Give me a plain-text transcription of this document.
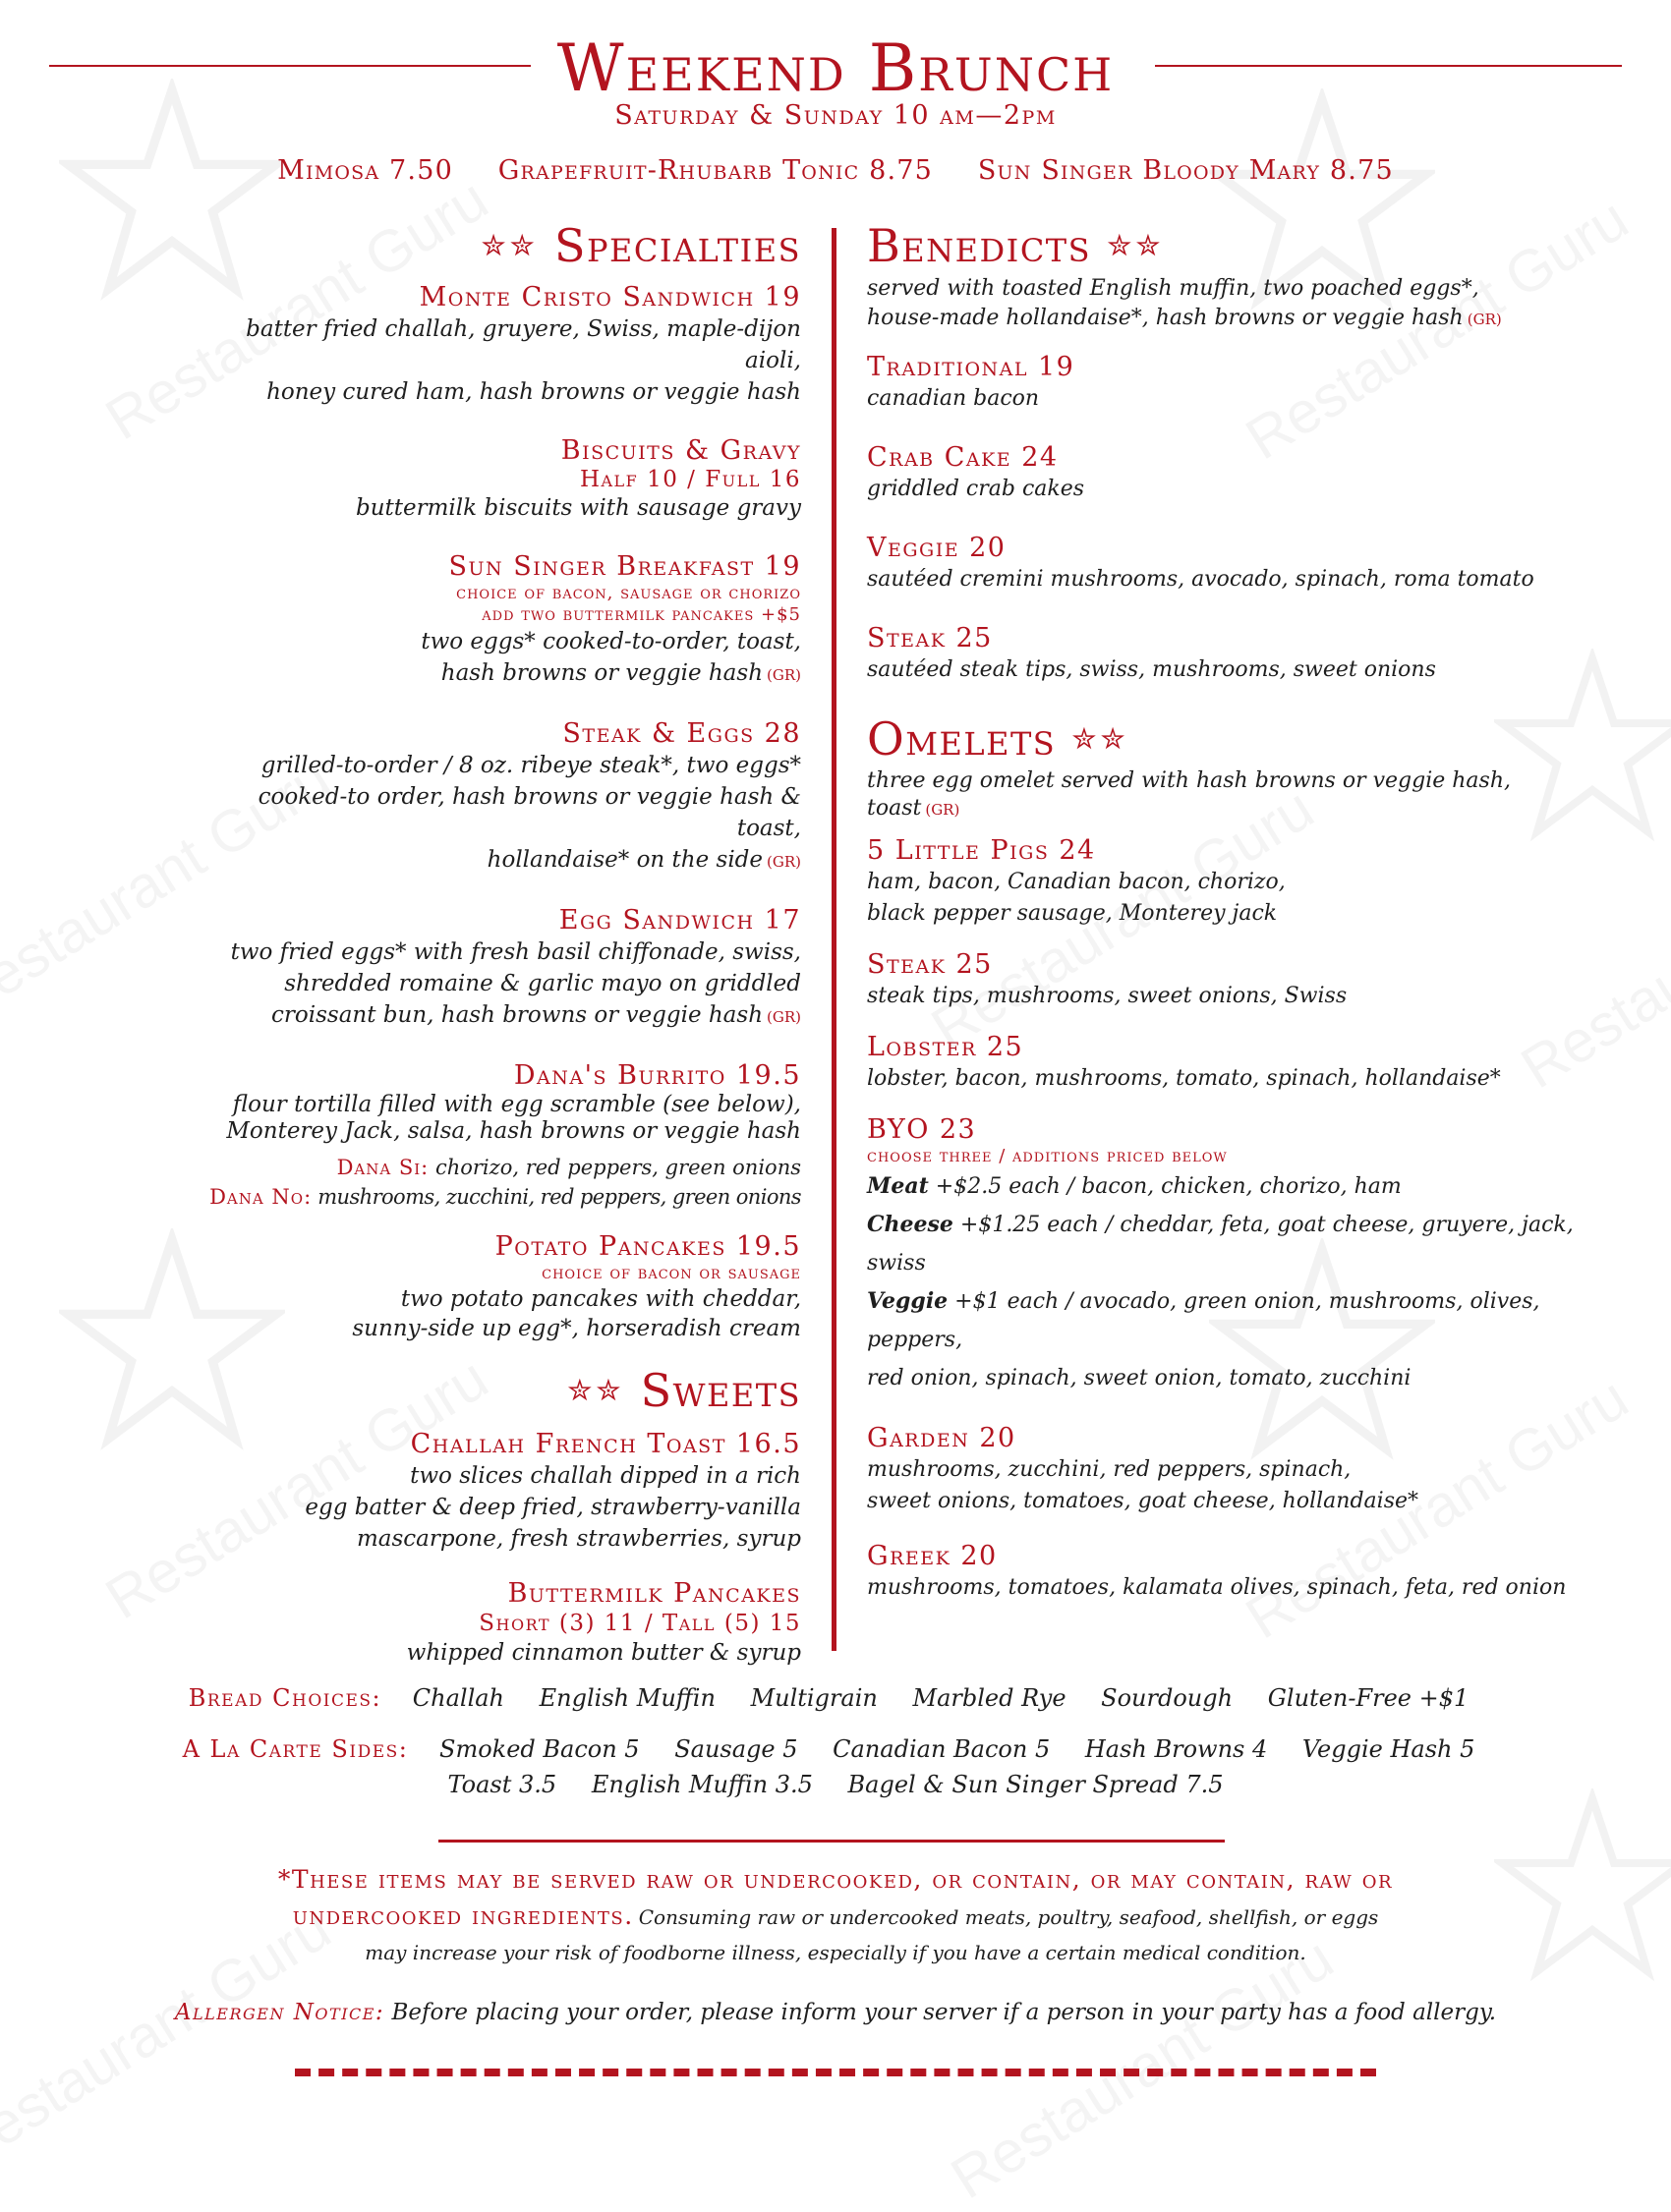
Weekend Brunch
Saturday & Sunday 10 am—2pm
Mimosa 7.50 Grapefruit-Rhubarb Tonic 8.75 Sun Singer Bloody Mary 8.75
✮✮ Specialties
Monte Cristo Sandwich 19
batter fried challah, gruyere, Swiss, maple-dijon aioli,
honey cured ham, hash browns or veggie hash
Biscuits & Gravy
Half 10 / Full 16
buttermilk biscuits with sausage gravy
Sun Singer Breakfast 19
choice of bacon, sausage or chorizo
add two buttermilk pancakes +$5
two eggs* cooked-to-order, toast,
hash browns or veggie hash (GR)
Steak & Eggs 28
grilled-to-order / 8 oz. ribeye steak*, two eggs*
cooked-to order, hash browns or veggie hash & toast,
hollandaise* on the side (GR)
Egg Sandwich 17
two fried eggs* with fresh basil chiffonade, swiss,
shredded romaine & garlic mayo on griddled
croissant bun, hash browns or veggie hash (GR)
Dana's Burrito 19.5
flour tortilla filled with egg scramble (see below),
Monterey Jack, salsa, hash browns or veggie hash
Dana Si: chorizo, red peppers, green onions
Dana No: mushrooms, zucchini, red peppers, green onions
Potato Pancakes 19.5
choice of bacon or sausage
two potato pancakes with cheddar,
sunny-side up egg*, horseradish cream
✮✮ Sweets
Challah French Toast 16.5
two slices challah dipped in a rich
egg batter & deep fried, strawberry-vanilla
mascarpone, fresh strawberries, syrup
Buttermilk Pancakes
Short (3) 11 / Tall (5) 15
whipped cinnamon butter & syrup
Benedicts ✮✮
served with toasted English muffin, two poached eggs*,
house-made hollandaise*, hash browns or veggie hash (GR)
Traditional 19
canadian bacon
Crab Cake 24
griddled crab cakes
Veggie 20
sautéed cremini mushrooms, avocado, spinach, roma tomato
Steak 25
sautéed steak tips, swiss, mushrooms, sweet onions
Omelets ✮✮
three egg omelet served with hash browns or veggie hash, toast (GR)
5 Little Pigs 24
ham, bacon, Canadian bacon, chorizo,
black pepper sausage, Monterey jack
Steak 25
steak tips, mushrooms, sweet onions, Swiss
Lobster 25
lobster, bacon, mushrooms, tomato, spinach, hollandaise*
BYO 23
choose three / additions priced below
Meat +$2.5 each / bacon, chicken, chorizo, ham
Cheese +$1.25 each / cheddar, feta, goat cheese, gruyere, jack, swiss
Veggie +$1 each / avocado, green onion, mushrooms, olives, peppers,
red onion, spinach, sweet onion, tomato, zucchini
Garden 20
mushrooms, zucchini, red peppers, spinach,
sweet onions, tomatoes, goat cheese, hollandaise*
Greek 20
mushrooms, tomatoes, kalamata olives, spinach, feta, red onion
Bread Choices: Challah English Muffin Multigrain Marbled Rye Sourdough Gluten-Free +$1
A La Carte Sides: Smoked Bacon 5 Sausage 5 Canadian Bacon 5 Hash Browns 4 Veggie Hash 5
Toast 3.5 English Muffin 3.5 Bagel & Sun Singer Spread 7.5
*These items may be served raw or undercooked, or contain, or may contain, raw or undercooked ingredients. Consuming raw or undercooked meats, poultry, seafood, shellfish, or eggs
may increase your risk of foodborne illness, especially if you have a certain medical condition.
Allergen Notice: Before placing your order, please inform your server if a person in your party has a food allergy.
